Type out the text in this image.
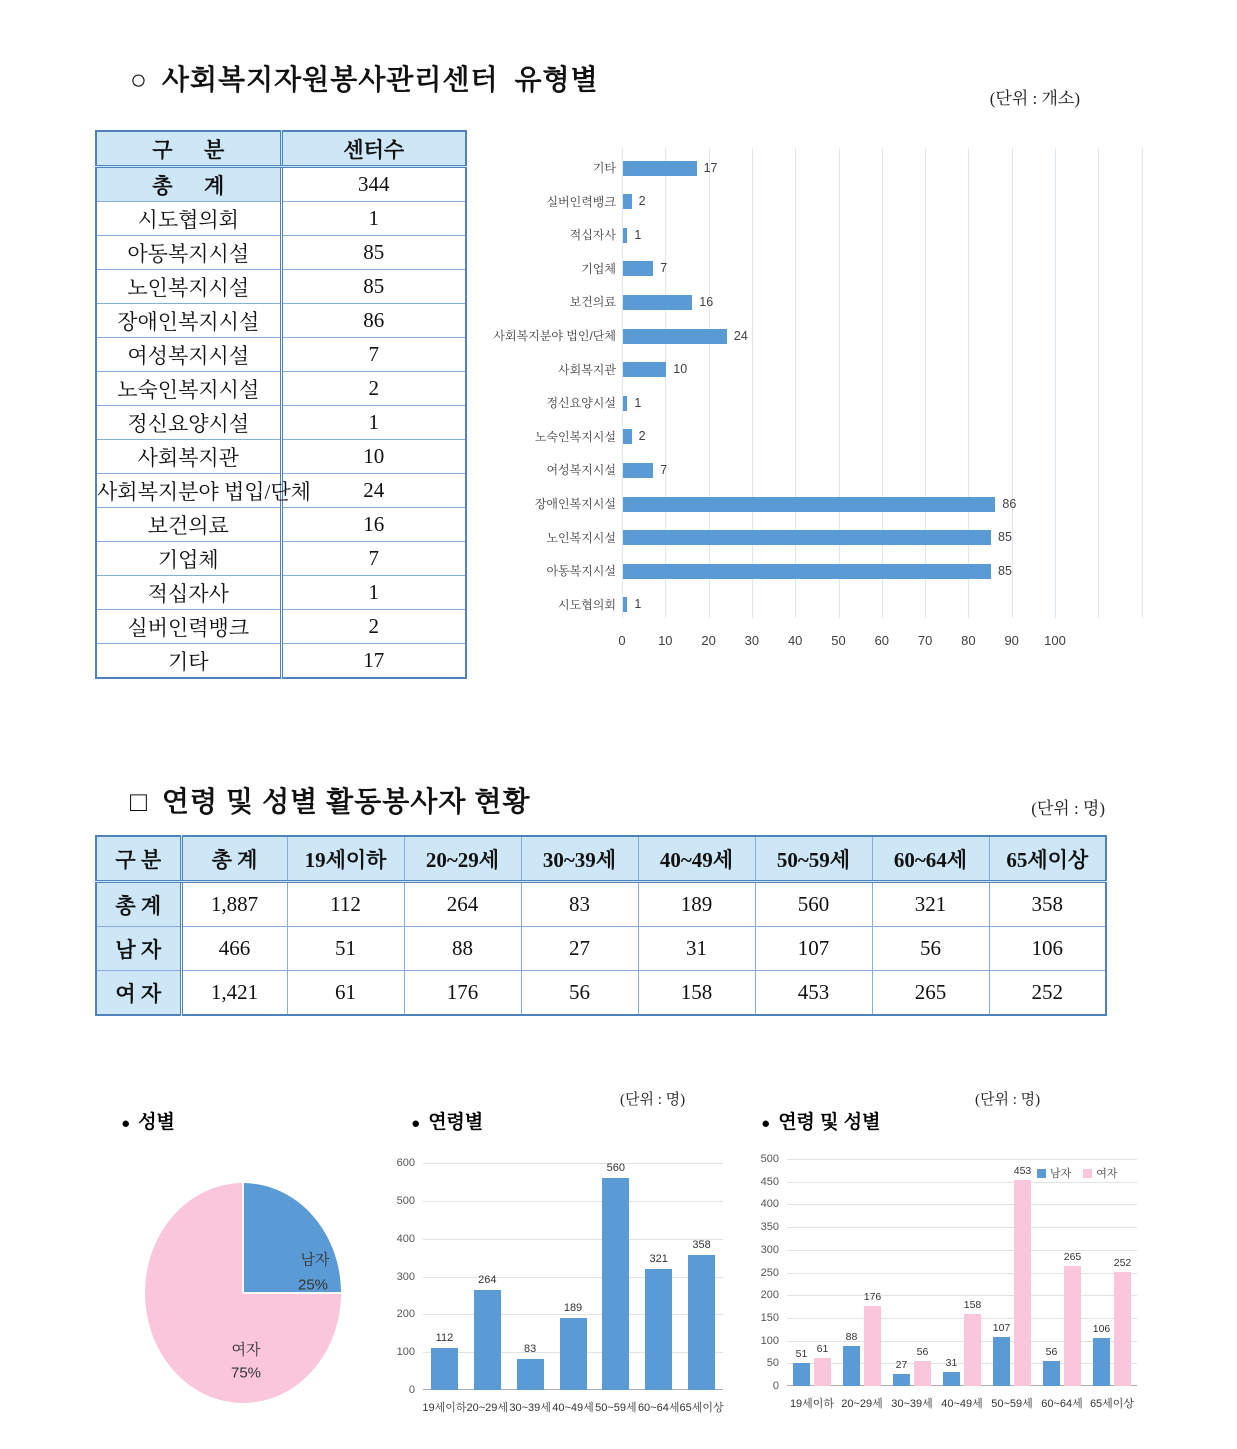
○ 사회복지자원봉사관리센터  유형별

(단위 : 개소)
구      분	센터수
총      계	344
시도협의회	1
아동복지시설	85
노인복지시설	85
장애인복지시설	86
여성복지시설	7
노숙인복지시설	2
정신요양시설	1
사회복지관	10
사회복지분야 법입/단체	24
보건의료	16
기업체	7
적십자사	1
실버인력뱅크	2
기타	17
17
2
1
7
16
24
10
1
2
7
86
85
85
1
기타
실버인력뱅크
적십자사
기업체
보건의료
사회복지분야 법인/단체
사회복지관
정신요양시설
노숙인복지시설
여성복지시설
장애인복지시설
노인복지시설
아동복지시설
시도협의회
0 10 20 30 40 50 60 70 80 90 100

□ 연령 및 성별 활동봉사자 현황
	(단위 : 명)
구 분	총 계	19세이하	20~29세	30~39세	40~49세	50~59세	60~64세	65세이상
총 계	1,887	112	264	83	189	560	321	358
남 자	466	51	88	27	31	107	56	106
여 자	1,421	61	176	56	158	453	265	252

● 성별
	● 연령별

(단위 : 명)

● 연령 및 성별

(단위 : 명)
남자
25%
여자
75%
0
100
200
300
400
500
600
112
19세이하
264
20~29세
83
30~39세
189
40~49세
560
50~59세
321
60~64세
358
65세이상
0
50
100
150
200
250
300
350
400
450
500
51 61
19세이하
88
176
20~29세
27
56
30~39세
31
158
40~49세
107
453
50~59세
56
265
60~64세
106
252
65세이상
남자 여자
